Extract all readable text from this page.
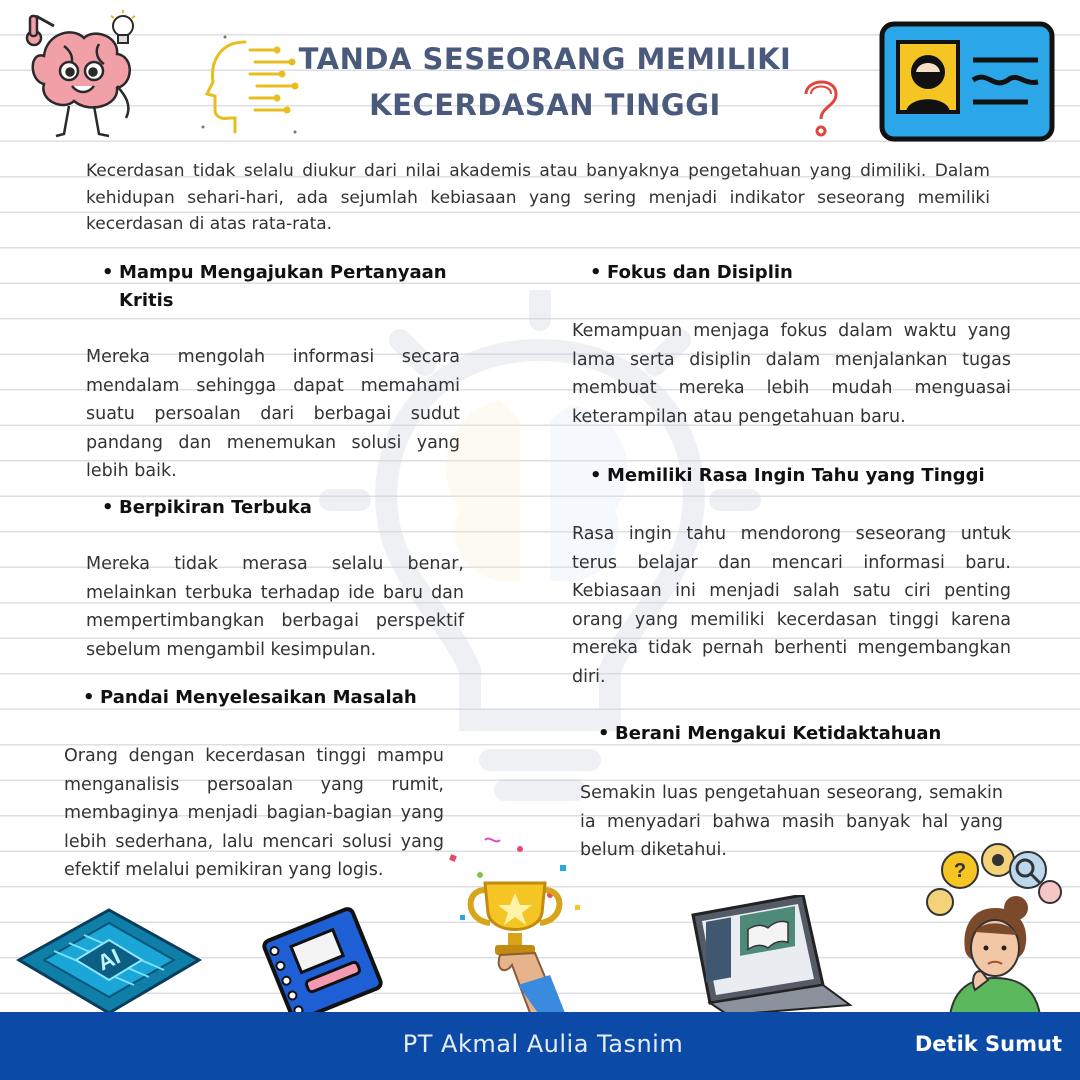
TANDA SESEORANG MEMILIKI
KECERDASAN TINGGI
Kecerdasan tidak selalu diukur dari nilai akademis atau banyaknya pengetahuan yang dimiliki. Dalam kehidupan sehari-hari, ada sejumlah kebiasaan yang sering menjadi indikator seseorang memiliki kecerdasan di atas rata-rata.
• Mampu Mengajukan Pertanyaan Kritis
Mereka mengolah informasi secara mendalam sehingga dapat memahami suatu persoalan dari berbagai sudut pandang dan menemukan solusi yang lebih baik.
• Berpikiran Terbuka
Mereka tidak merasa selalu benar, melainkan terbuka terhadap ide baru dan mempertimbangkan berbagai perspektif sebelum mengambil kesimpulan.
• Pandai Menyelesaikan Masalah
Orang dengan kecerdasan tinggi mampu menganalisis persoalan yang rumit, membaginya menjadi bagian-bagian yang lebih sederhana, lalu mencari solusi yang efektif melalui pemikiran yang logis.
• Fokus dan Disiplin
Kemampuan menjaga fokus dalam waktu yang lama serta disiplin dalam menjalankan tugas membuat mereka lebih mudah menguasai keterampilan atau pengetahuan baru.
• Memiliki Rasa Ingin Tahu yang Tinggi
Rasa ingin tahu mendorong seseorang untuk terus belajar dan mencari informasi baru. Kebiasaan ini menjadi salah satu ciri penting orang yang memiliki kecerdasan tinggi karena mereka tidak pernah berhenti mengembangkan diri.
• Berani Mengakui Ketidaktahuan
Semakin luas pengetahuan seseorang, semakin ia menyadari bahwa masih banyak hal yang belum diketahui.
AI
?
PT Akmal Aulia Tasnim	Detik Sumut
